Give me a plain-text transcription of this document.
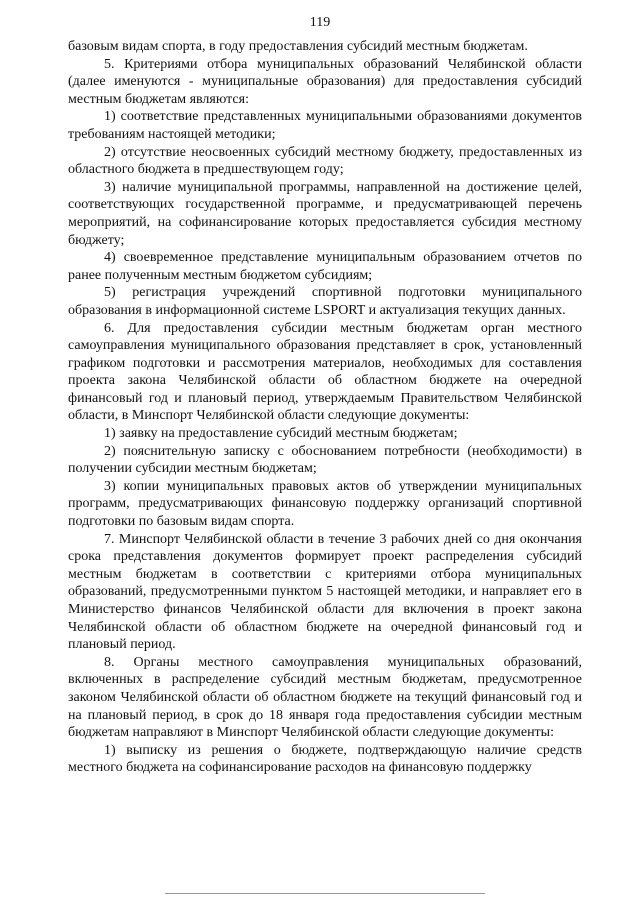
119

базовым видам спорта, в году предоставления субсидий местным бюджетам.

5. Критериями отбора муниципальных образований Челябинской области (далее именуются - муниципальные образования) для предоставления субсидий местным бюджетам являются:

1) соответствие представленных муниципальными образованиями документов требованиям настоящей методики;

2) отсутствие неосвоенных субсидий местному бюджету, предоставленных из областного бюджета в предшествующем году;

3) наличие муниципальной программы, направленной на достижение целей, соответствующих государственной программе, и предусматривающей перечень мероприятий, на софинансирование которых предоставляется субсидия местному бюджету;

4) своевременное представление муниципальным образованием отчетов по ранее полученным местным бюджетом субсидиям;

5) регистрация учреждений спортивной подготовки муниципального образования в информационной системе LSPORT и актуализация текущих данных.

6. Для предоставления субсидии местным бюджетам орган местного самоуправления муниципального образования представляет в срок, установленный графиком подготовки и рассмотрения материалов, необходимых для составления проекта закона Челябинской области об областном бюджете на очередной финансовый год и плановый период, утверждаемым Правительством Челябинской области, в Минспорт Челябинской области следующие документы:

1) заявку на предоставление субсидий местным бюджетам;

2) пояснительную записку с обоснованием потребности (необходимости) в получении субсидии местным бюджетам;

3) копии муниципальных правовых актов об утверждении муниципальных программ, предусматривающих финансовую поддержку организаций спортивной подготовки по базовым видам спорта.

7. Минспорт Челябинской области в течение 3 рабочих дней со дня окончания срока представления документов формирует проект распределения субсидий местным бюджетам в соответствии с критериями отбора муниципальных образований, предусмотренными пунктом 5 настоящей методики, и направляет его в Министерство финансов Челябинской области для включения в проект закона Челябинской области об областном бюджете на очередной финансовый год и плановый период.

8. Органы местного самоуправления муниципальных образований, включенных в распределение субсидий местным бюджетам, предусмотренное законом Челябинской области об областном бюджете на текущий финансовый год и на плановый период, в срок до 18 января года предоставления субсидии местным бюджетам направляют в Минспорт Челябинской области следующие документы:

1) выписку из решения о бюджете, подтверждающую наличие средств местного бюджета на софинансирование расходов на финансовую поддержку
